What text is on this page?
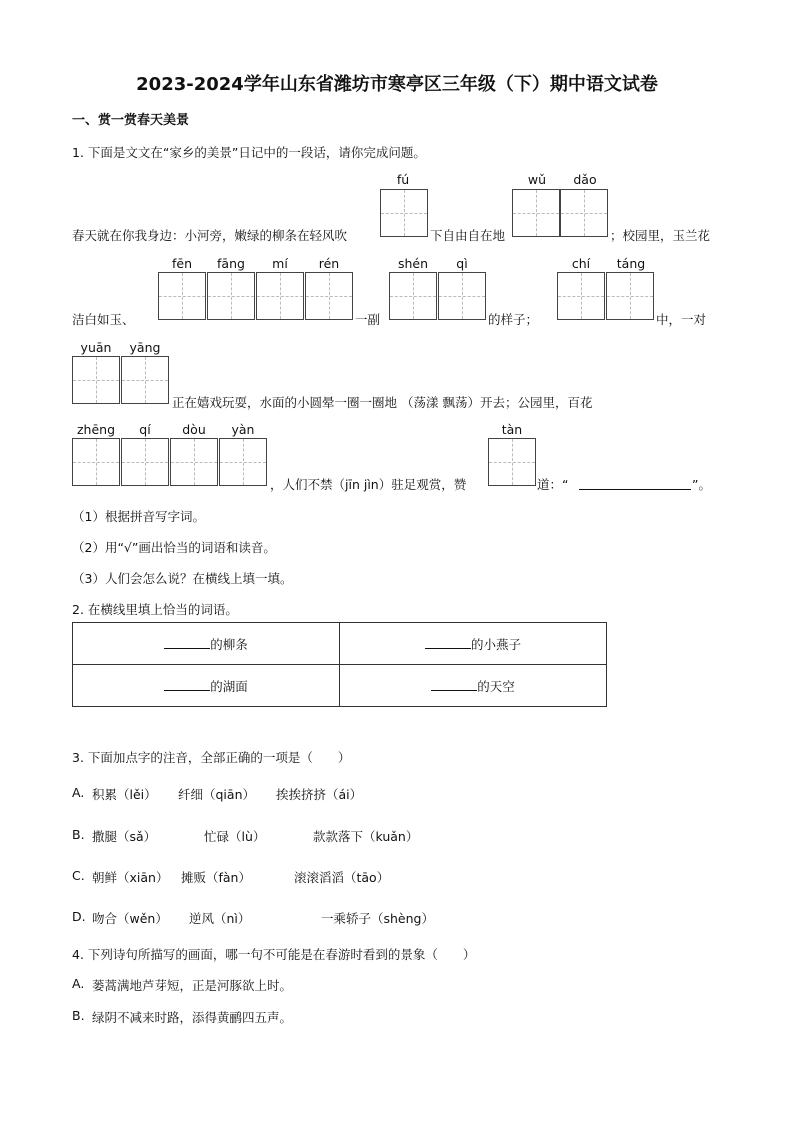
2023-2024学年山东省潍坊市寒亭区三年级（下）期中语文试卷
一、赏一赏春天美景
1. 下面是文文在“家乡的美景”日记中的一段话，请你完成问题。
fú	wǔ	dǎo
春天就在你我身边：小河旁，嫩绿的柳条在轻风吹	下自由自在地	；校园里，玉兰花
fēn	fāng	mí	rén	shén	qì	chí	táng
洁白如玉、	一副	的样子；	中，一对
yuān	yāng
正在嬉戏玩耍，水面的小圆晕一圈一圈地 （荡漾 飘荡）开去；公园里，百花
zhēng	qí	dòu	yàn	tàn
，人们不禁（jīn jìn）驻足观赏，赞	道：“	”。
（1）根据拼音写字词。
（2）用“√”画出恰当的词语和读音。
（3）人们会怎么说？在横线上填一填。
2. 在横线里填上恰当的词语。
的柳条	的小燕子
的湖面	的天空
3. 下面加点字的注音，全部正确的一项是（　　）
A. 积累（lěi） 纤细（qiān） 挨挨挤挤（ái）
B. 撒腿（sǎ）	忙碌（lù）	款款落下（kuǎn）
C. 朝鲜（xiān） 摊贩（fàn）	滚滚滔滔（tāo）
D. 吻合（wěn） 逆风（nì）	一乘轿子（shèng）
4. 下列诗句所描写的画面，哪一句不可能是在春游时看到的景象（　　）
A. 蒌蒿满地芦芽短，正是河豚欲上时。
B. 绿阴不减来时路，添得黄鹂四五声。
